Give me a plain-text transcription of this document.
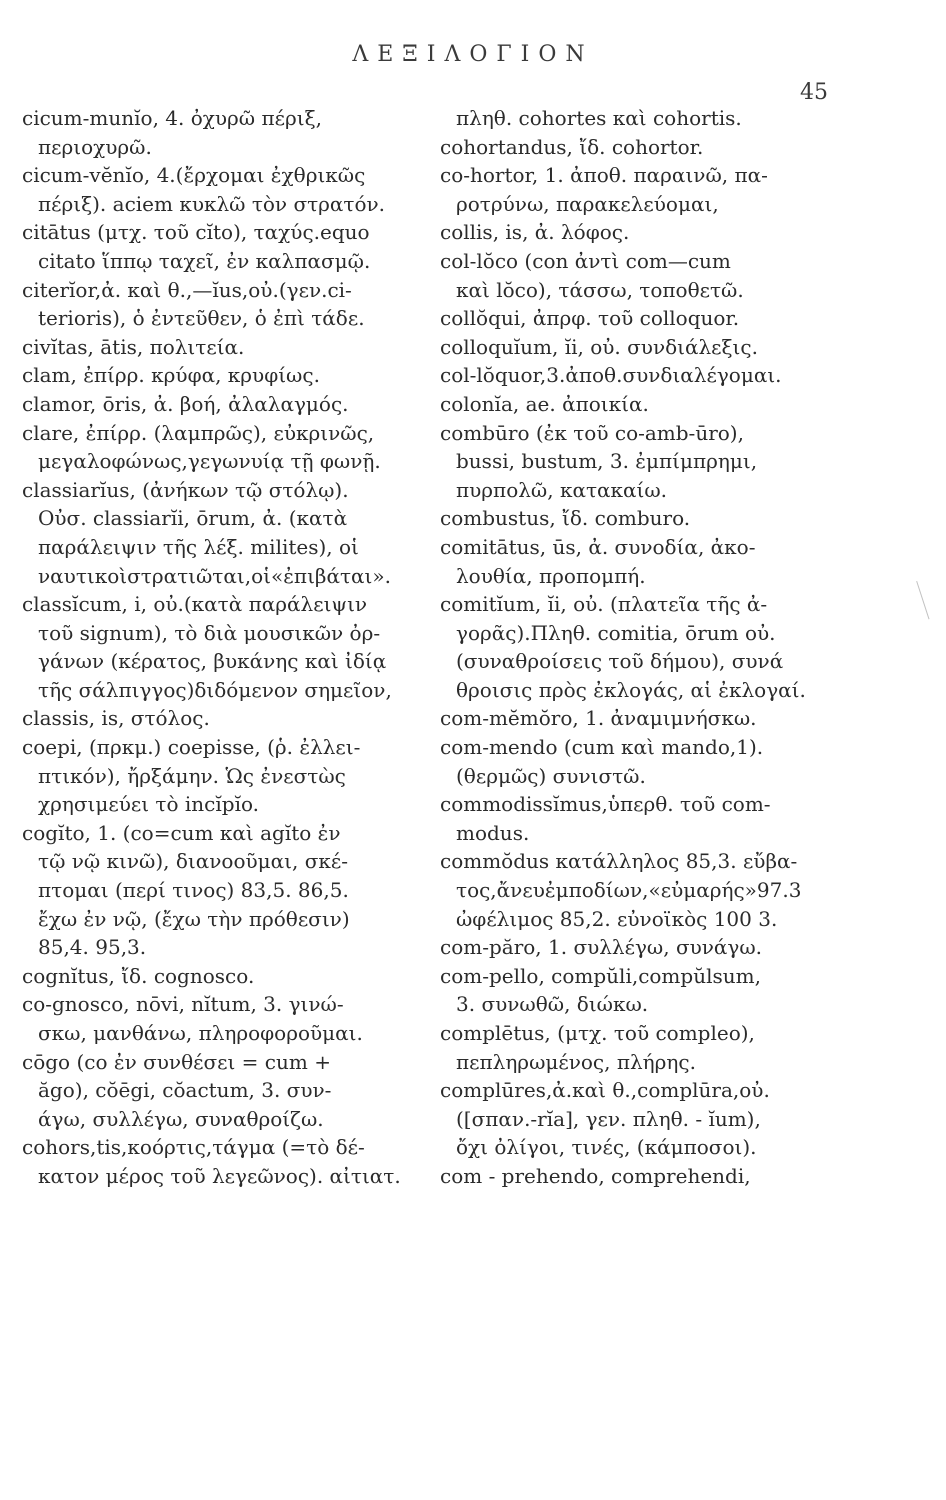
ΛΕΞΙΛΟΓΙΟΝ
45
cicum-munĭo, 4. ὀχυρῶ πέριξ,
περιοχυρῶ.
cicum-vĕnĭo, 4.(ἔρχομαι ἐχθρικῶς
πέριξ). aciem κυκλῶ τὸν στρατόν.
citātus (μτχ. τοῦ cĭto), ταχύς.equo
citato ἵππῳ ταχεῖ, ἐν καλπασμῷ.
citerĭor,ἀ. καὶ θ.,—ĭus,οὐ.(γεν.ci-
terioris), ὁ ἐντεῦθεν, ὁ ἐπὶ τάδε.
civĭtas, ātis, πολιτεία.
clam, ἐπίρρ. κρύφα, κρυφίως.
clamor, ōris, ἀ. βοή, ἀλαλαγμός.
clare, ἐπίρρ. (λαμπρῶς), εὐκρινῶς,
μεγαλοφώνως,γεγωνυίᾳ τῇ φωνῇ.
classiarĭus, (ἀνήκων τῷ στόλῳ).
Οὐσ. classiarĭi, ōrum, ἀ. (κατὰ
παράλειψιν τῆς λέξ. milites), οἱ
ναυτικοὶστρατιῶται,οἱ«ἐπιβάται».
classĭcum, i, οὐ.(κατὰ παράλειψιν
τοῦ signum), τὸ διὰ μουσικῶν ὀρ-
γάνων (κέρατος, βυκάνης καὶ ἰδίᾳ
τῆς σάλπιγγος)διδόμενον σημεῖον,
classis, is, στόλος.
coepi, (πρκμ.) coepisse, (ῥ. ἐλλει-
πτικόν), ἤρξάμην. Ὡς ἐνεστὼς
χρησιμεύει τὸ incĭpĭo.
cogĭto, 1. (co=cum καὶ agĭto ἐν
τῷ νῷ κινῶ), διανοοῦμαι, σκέ-
πτομαι (περί τινος) 83,5. 86,5.
ἔχω ἐν νῷ, (ἔχω τὴν πρόθεσιν)
85,4. 95,3.
cognĭtus, ἴδ. cognosco.
co-gnosco, nōvi, nĭtum, 3. γινώ-
σκω, μανθάνω, πληροφοροῦμαι.
cōgo (co ἐν συνθέσει = cum +
ăgo), cŏēgi, cŏactum, 3. συν-
άγω, συλλέγω, συναθροίζω.
cohors,tis,κοόρτις,τάγμα (=τὸ δέ-
κατον μέρος τοῦ λεγεῶνος). αἰτιατ.
πληθ. cohortes καὶ cohortis.
cohortandus, ἴδ. cohortor.
co-hortor, 1. ἀποθ. παραινῶ, πα-
ροτρύνω, παρακελεύομαι,
collis, is, ἀ. λόφος.
col-lŏco (con ἀντὶ com—cum
καὶ lŏco), τάσσω, τοποθετῶ.
collŏqui, ἀπρφ. τοῦ colloquor.
colloquĭum, ĭi, οὐ. συνδιάλεξις.
col-lŏquor,3.ἀποθ.συνδιαλέγομαι.
colonĭa, ae. ἀποικία.
combūro (ἐκ τοῦ co-amb-ūro),
bussi, bustum, 3. ἐμπίμπρημι,
πυρπολῶ, κατακαίω.
combustus, ἴδ. comburo.
comitātus, ūs, ἀ. συνοδία, ἀκο-
λουθία, προπομπή.
comitĭum, ĭi, οὐ. (πλατεῖα τῆς ἀ-
γορᾶς).Πληθ. comitia, ōrum οὐ.
(συναθροίσεις τοῦ δήμου), συνά
θροισις πρὸς ἐκλογάς, αἱ ἐκλογαί.
com-mĕmŏro, 1. ἀναμιμνήσκω.
com-mendo (cum καὶ mando,1).
(θερμῶς) συνιστῶ.
commodissĭmus,ὑπερθ. τοῦ com-
modus.
commŏdus κατάλληλος 85,3. εὔβα-
τος,ἄνευἐμποδίων,«εὐμαρής»97.3
ὠφέλιμος 85,2. εὐνοϊκὸς 100 3.
com-păro, 1. συλλέγω, συνάγω.
com-pello, compŭli,compŭlsum,
3. συνωθῶ, διώκω.
complētus, (μτχ. τοῦ compleo),
πεπληρωμένος, πλήρης.
complūres,ἀ.καὶ θ.,complūra,οὐ.
([σπαν.-rĭa], γεν. πληθ. - ĭum),
ὄχι ὀλίγοι, τινές, (κάμποσοι).
com - prehendo, comprehendi,
